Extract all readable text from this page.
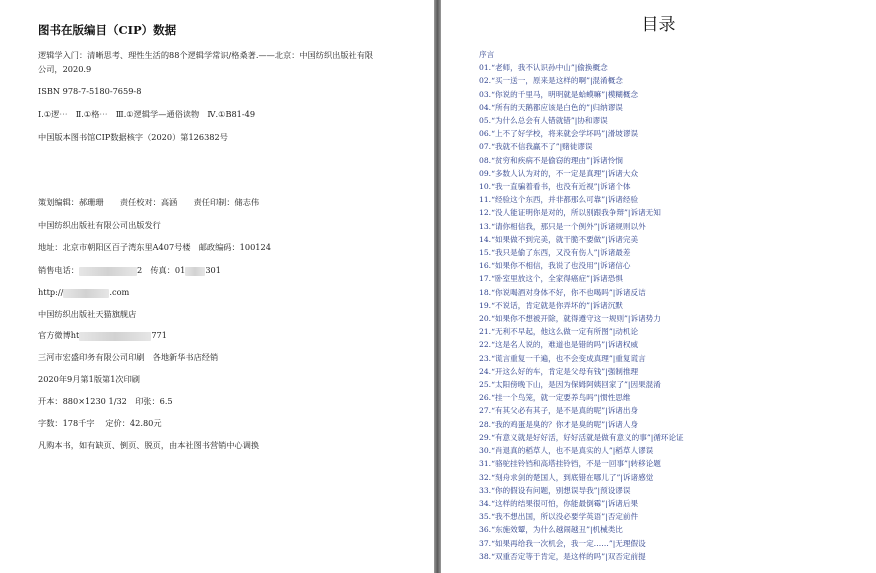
图书在版编目（CIP）数据
逻辑学入门：清晰思考、理性生活的88个逻辑学常识/格桑著.——北京：中国纺织出版社有限
公司，2020.9
ISBN 978-7-5180-7659-8
Ⅰ.①逻⋯　Ⅱ.①格⋯　Ⅲ.①逻辑学—通俗读物　Ⅳ.①B81-49
中国版本图书馆CIP数据核字（2020）第126382号
策划编辑：郝珊珊　　责任校对：高涵　　责任印制：储志伟
中国纺织出版社有限公司出版发行
地址：北京市朝阳区百子湾东里A407号楼　邮政编码：100124
销售电话：	2　传真：01 301
http://	.com
中国纺织出版社天猫旗舰店
官方微博ht	771
三河市宏盛印务有限公司印刷　各地新华书店经销
2020年9月第1版第1次印刷
开本：880×1230 1/32　印张：6.5
字数：178千字　 定价：42.80元
凡购本书，如有缺页、倒页、脱页，由本社图书营销中心调换
目录
序言
01.“老师，我不认识孙中山”|偷换概念
02.“买一送一，原来是这样的啊”|混淆概念
03.“你说的千里马，明明就是蛤蟆嘛”|模糊概念
04.“所有的天鹅都应该是白色的”|归纳谬误
05.“为什么总会有人错就错”|协和谬误
06.“上不了好学校，将来就会学坏吗”|滑坡谬误
07.“我就不信我赢不了”|赌徒谬误
08.“贫穷和疾病不是偷窃的理由”|诉诸怜悯
09.“多数人认为对的，不一定是真理”|诉诸大众
10.“我一直骗着看书，也没有近视”|诉诸个体
11.“经验这个东西，并非都那么可靠”|诉诸经验
12.“没人能证明你是对的，所以别跟我争辩”|诉诸无知
13.“请你相信我，那只是一个例外”|诉诸规则以外
14.“如果做不到完美，就干脆不要做”|诉诸完美
15.“我只是偷了东西，又没有伤人”|诉诸最差
16.“如果你不相信，我说了也没用”|诉诸信心
17.“卧室里放这个，全家得癌症”|诉诸恐惧
18.“你说喝酒对身体不好，你不也喝吗”|诉诸反诘
19.“不说话，肯定就是你弄坏的”|诉诸沉默
20.“如果你不想被开除，就得遵守这一规则”|诉诸势力
21.“无利不早起，他这么做一定有所图”|动机论
22.“这是名人说的，难道也是错的吗”|诉诸权威
23.“谎言重复一千遍，也不会变成真理”|重复谎言
24.“开这么好的车，肯定是父母有钱”|强制推理
25.“太阳傍晚下山，是因为保姆阿姨回家了”|因果混淆
26.“挂一个鸟笼，就一定要养鸟吗”|惯性思维
27.“有其父必有其子，是不是真的呢”|诉诸出身
28.“我的鸡蛋是臭的？你才是臭的呢”|诉诸人身
29.“有意义就是好好活，好好活就是做有意义的事”|循环论证
30.“肖退真的稻草人，也不是真实的人”|稻草人谬误
31.“骆驼挂铃铛和高塔挂铃铛，不是一回事”|转移论题
32.“刻舟求剑的楚国人，到底错在哪儿了”|诉诸感觉
33.“你的假设有问题，别想误导我”|预设谬误
34.“这样的结果很可怕，你能最倒霉”|诉诸后果
35.“我不想出国，所以没必要学英语”|否定前件
36.“东施效颦，为什么越闹越丑”|机械类比
37.“如果再给我一次机会，我一定……”|无理假设
38.“双重否定等于肯定，是这样的吗”|双否定前提
